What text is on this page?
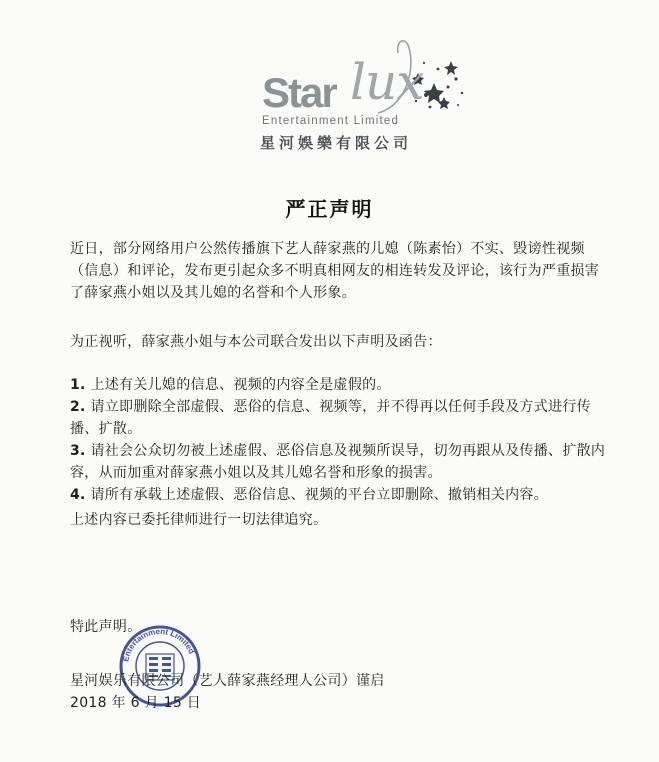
Star lux
Entertainment Limited
星河娛樂有限公司
严正声明
近日，部分网络用户公然传播旗下艺人薛家燕的儿媳（陈素怡）不实、毁谤性视频（信息）和评论，发布更引起众多不明真相网友的相连转发及评论，该行为严重损害了薛家燕小姐以及其儿媳的名誉和个人形象。
为正视听，薛家燕小姐与本公司联合发出以下声明及函告：
1. 上述有关儿媳的信息、视频的内容全是虚假的。
2. 请立即删除全部虚假、恶俗的信息、视频等，并不得再以任何手段及方式进行传播、扩散。
3. 请社会公众切勿被上述虚假、恶俗信息及视频所误导，切勿再跟从及传播、扩散内容，从而加重对薛家燕小姐以及其儿媳名誉和形象的损害。
4. 请所有承载上述虚假、恶俗信息、视频的平台立即删除、撤销相关内容。
上述内容已委托律师进行一切法律追究。
特此声明。
Entertainment Limited
星河娱乐有限公司（艺人薛家燕经理人公司）谨启
2018 年 6 月 15 日
